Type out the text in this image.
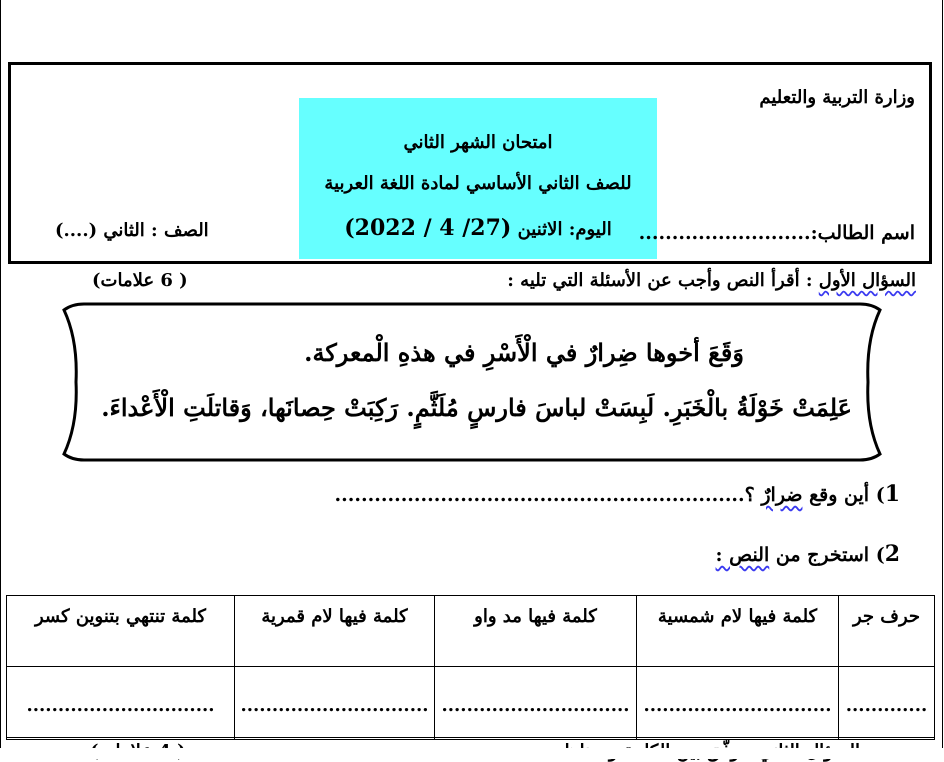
وزارة التربية والتعليم
امتحان الشهر الثاني
للصف الثاني الأساسي لمادة اللغة العربية
اليوم: الاثنين (27/ 4 / 2022)	اسم الطالب:..........................
الصف : الثاني (....)
السؤال الأول : أقرأ النص وأجب عن الأسئلة التي تليه :
( 6 علامات)
وَقَعَ أخوها ضِرارٌ في الْأَسْرِ في هذهِ الْمعركة.
عَلِمَتْ خَوْلَةُ بالْخَبَرِ. لَبِسَتْ لباسَ فارسٍ مُلَثَّمٍ. رَكِبَتْ حِصانَها، وَقاتلَتِ الْأَعْداءَ.
1) أين وقع ضرارٌ ؟..............................................................
2) استخرج من النص :
حرف جر	كلمة فيها لام شمسية	كلمة فيها مد واو	كلمة فيها لام قمرية	كلمة تنتهي بتنوين كسر
.............	..............................	..............................	..............................	..............................
